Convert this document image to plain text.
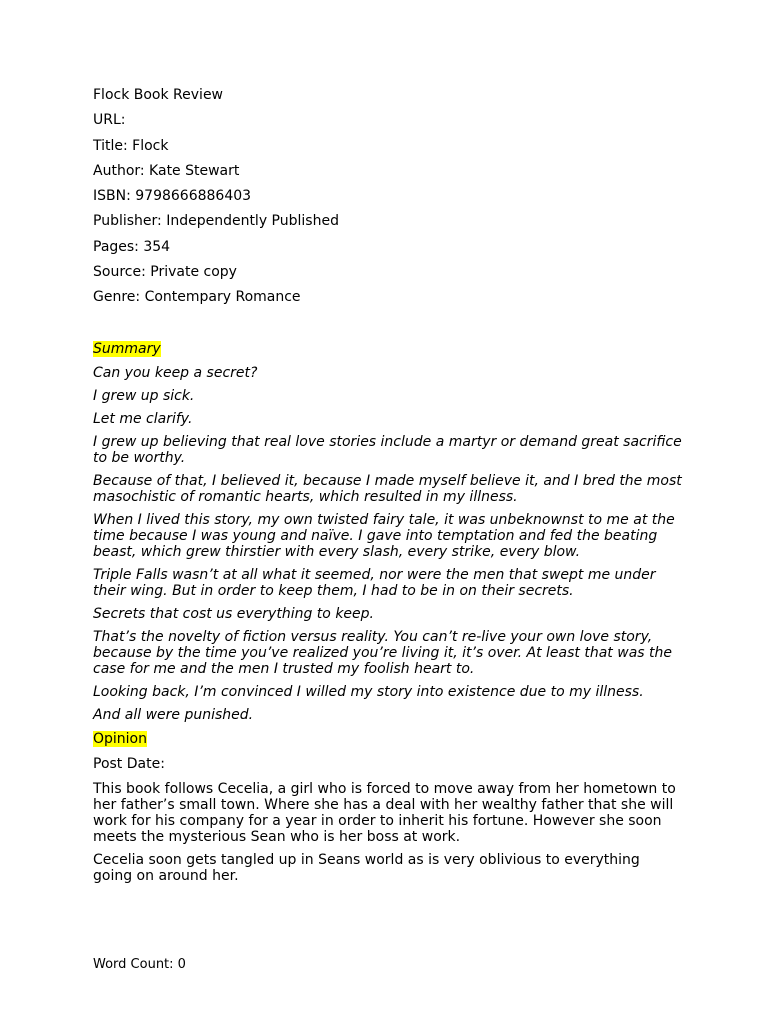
Flock Book Review

URL:

Title: Flock

Author: Kate Stewart

ISBN: 9798666886403

Publisher: Independently Published

Pages: 354

Source: Private copy

Genre: Contempary Romance

Summary

Can you keep a secret?

I grew up sick.

Let me clarify.

I grew up believing that real love stories include a martyr or demand great sacrifice to be worthy.

Because of that, I believed it, because I made myself believe it, and I bred the most masochistic of romantic hearts, which resulted in my illness.

When I lived this story, my own twisted fairy tale, it was unbeknownst to me at the time because I was young and naïve. I gave into temptation and fed the beating beast, which grew thirstier with every slash, every strike, every blow.

Triple Falls wasn’t at all what it seemed, nor were the men that swept me under their wing. But in order to keep them, I had to be in on their secrets.

Secrets that cost us everything to keep.

That’s the novelty of fiction versus reality. You can’t re-live your own love story, because by the time you’ve realized you’re living it, it’s over. At least that was the case for me and the men I trusted my foolish heart to.

Looking back, I’m convinced I willed my story into existence due to my illness.

And all were punished.

Opinion

Post Date:

This book follows Cecelia, a girl who is forced to move away from her hometown to her father’s small town. Where she has a deal with her wealthy father that she will work for his company for a year in order to inherit his fortune. However she soon meets the mysterious Sean who is her boss at work.

Cecelia soon gets tangled up in Seans world as is very oblivious to everything going on around her.

Word Count: 0
